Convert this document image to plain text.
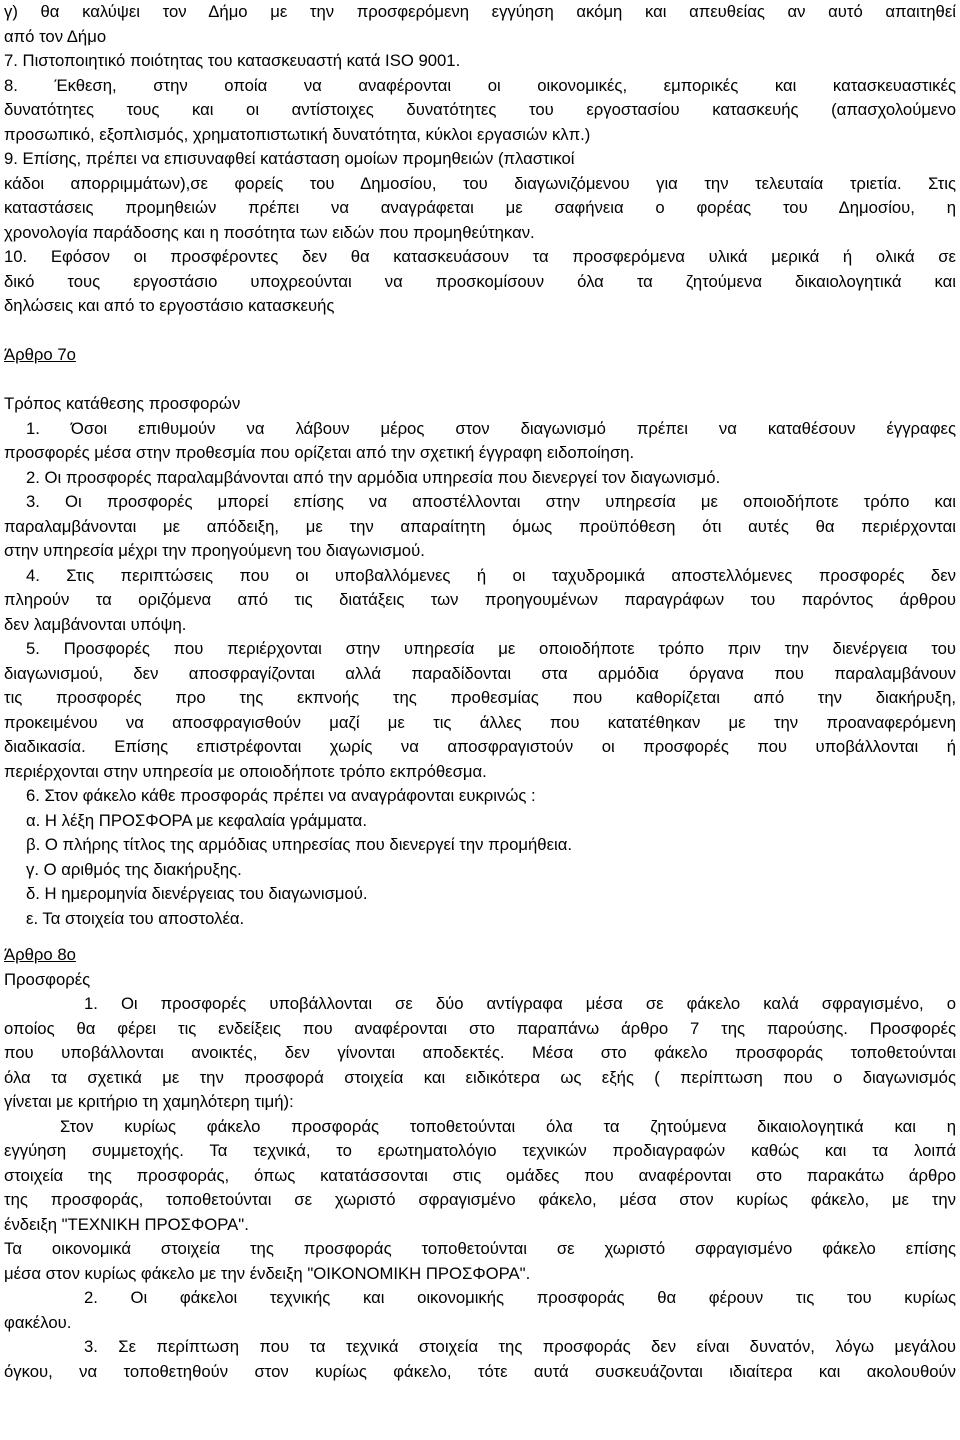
γ) θα καλύψει τον Δήμο με την προσφερόμενη εγγύηση ακόμη και απευθείας αν αυτό απαιτηθεί

από τον Δήμο

7. Πιστοποιητικό ποιότητας του κατασκευαστή κατά ISO 9001.

8. Έκθεση, στην οποία να αναφέρονται οι οικονομικές, εμπορικές και κατασκευαστικές

δυνατότητες τους και οι αντίστοιχες δυνατότητες του εργοστασίου κατασκευής (απασχολούμενο

προσωπικό, εξοπλισμός, χρηματοπιστωτική δυνατότητα, κύκλοι εργασιών κλπ.)

9. Επίσης, πρέπει να επισυναφθεί κατάσταση ομοίων προμηθειών (πλαστικοί

κάδοι απορριμμάτων),σε φορείς του Δημοσίου, του διαγωνιζόμενου για την τελευταία τριετία. Στις

καταστάσεις προμηθειών πρέπει να αναγράφεται με σαφήνεια ο φορέας του Δημοσίου, η

χρονολογία παράδοσης και η ποσότητα των ειδών που προμηθεύτηκαν.

10. Εφόσον οι προσφέροντες δεν θα κατασκευάσουν τα προσφερόμενα υλικά μερικά ή ολικά σε

δικό τους εργοστάσιο υποχρεούνται να προσκομίσουν όλα τα ζητούμενα δικαιολογητικά και

δηλώσεις και από το εργοστάσιο κατασκευής

Άρθρο 7ο

Τρόπος κατάθεσης προσφορών

1. Όσοι επιθυμούν να λάβουν μέρος στον διαγωνισμό πρέπει να καταθέσουν έγγραφες

προσφορές μέσα στην προθεσμία που ορίζεται από την σχετική έγγραφη ειδοποίηση.

2. Οι προσφορές παραλαμβάνονται από την αρμόδια υπηρεσία που διενεργεί τον διαγωνισμό.

3. Οι προσφορές μπορεί επίσης να αποστέλλονται στην υπηρεσία με οποιοδήποτε τρόπο και

παραλαμβάνονται με απόδειξη, με την απαραίτητη όμως προϋπόθεση ότι αυτές θα περιέρχονται

στην υπηρεσία μέχρι την προηγούμενη του διαγωνισμού.

4. Στις περιπτώσεις που οι υποβαλλόμενες ή οι ταχυδρομικά αποστελλόμενες προσφορές δεν

πληρούν τα οριζόμενα από τις διατάξεις των προηγουμένων παραγράφων του παρόντος άρθρου

δεν λαμβάνονται υπόψη.

5. Προσφορές που περιέρχονται στην υπηρεσία με οποιοδήποτε τρόπο πριν την διενέργεια του

διαγωνισμού, δεν αποσφραγίζονται αλλά παραδίδονται στα αρμόδια όργανα που παραλαμβάνουν

τις προσφορές προ της εκπνοής της προθεσμίας που καθορίζεται από την διακήρυξη,

προκειμένου να αποσφραγισθούν μαζί με τις άλλες που κατατέθηκαν με την προαναφερόμενη

διαδικασία. Επίσης επιστρέφονται χωρίς να αποσφραγιστούν οι προσφορές που υποβάλλονται ή

περιέρχονται στην υπηρεσία με οποιοδήποτε τρόπο εκπρόθεσμα.

6. Στον φάκελο κάθε προσφοράς πρέπει να αναγράφονται ευκρινώς :

α. Η λέξη ΠΡΟΣΦΟΡΑ με κεφαλαία γράμματα.

β. Ο πλήρης τίτλος της αρμόδιας υπηρεσίας που διενεργεί την προμήθεια.

γ. Ο αριθμός της διακήρυξης.

δ. Η ημερομηνία διενέργειας του διαγωνισμού.

ε. Τα στοιχεία του αποστολέα.

Άρθρο 8ο

Προσφορές

1. Οι προσφορές υποβάλλονται σε δύο αντίγραφα μέσα σε φάκελο καλά σφραγισμένο, ο

οποίος θα φέρει τις ενδείξεις που αναφέρονται στο παραπάνω άρθρο 7 της παρούσης. Προσφορές

που υποβάλλονται ανοικτές, δεν γίνονται αποδεκτές. Μέσα στο φάκελο προσφοράς τοποθετούνται

όλα τα σχετικά με την προσφορά στοιχεία και ειδικότερα ως εξής ( περίπτωση που ο διαγωνισμός

γίνεται με κριτήριο τη χαμηλότερη τιμή):

Στον κυρίως φάκελο προσφοράς τοποθετούνται όλα τα ζητούμενα δικαιολογητικά και η

εγγύηση συμμετοχής. Τα τεχνικά, το ερωτηματολόγιο τεχνικών προδιαγραφών καθώς και τα λοιπά

στοιχεία της προσφοράς, όπως κατατάσσονται στις ομάδες που αναφέρονται στο παρακάτω άρθρο

της προσφοράς, τοποθετούνται σε χωριστό σφραγισμένο φάκελο, μέσα στον κυρίως φάκελο, με την

ένδειξη "ΤΕΧΝΙΚΗ ΠΡΟΣΦΟΡΑ".

Τα οικονομικά στοιχεία της προσφοράς τοποθετούνται σε χωριστό σφραγισμένο φάκελο επίσης

μέσα στον κυρίως φάκελο με την ένδειξη "ΟΙΚΟΝΟΜΙΚΗ ΠΡΟΣΦΟΡΑ".

2. Οι φάκελοι τεχνικής και οικονομικής προσφοράς θα φέρουν τις του κυρίως

φακέλου.

3. Σε περίπτωση που τα τεχνικά στοιχεία της προσφοράς δεν είναι δυνατόν, λόγω μεγάλου

όγκου, να τοποθετηθούν στον κυρίως φάκελο, τότε αυτά συσκευάζονται ιδιαίτερα και ακολουθούν
